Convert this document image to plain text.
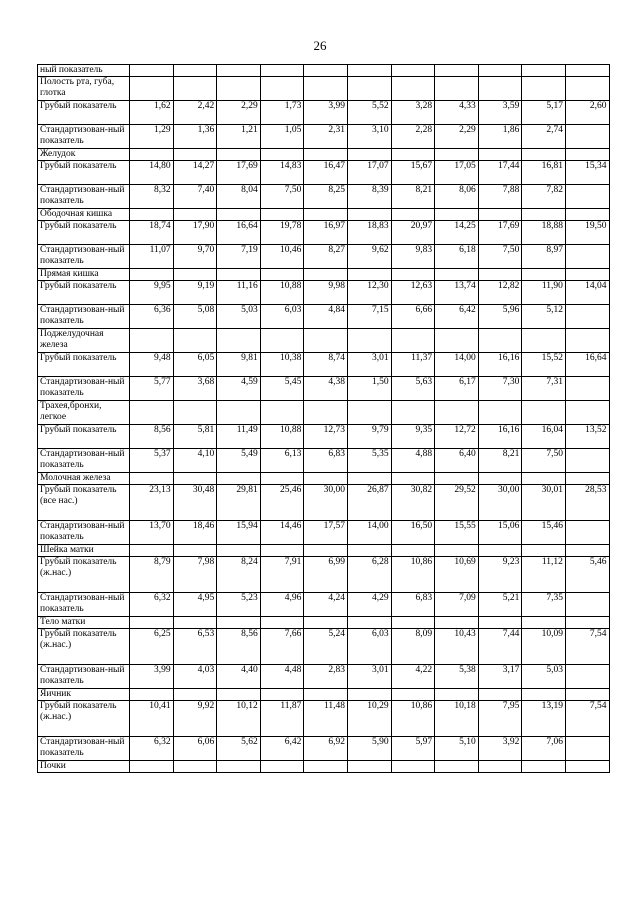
26
ный показатель											
Полость рта, губа, глотка											
Грубый показатель	1,62	2,42	2,29	1,73	3,99	5,52	3,28	4,33	3,59	5,17	2,60
Стандартизован-ный показатель	1,29	1,36	1,21	1,05	2,31	3,10	2,28	2,29	1,86	2,74	
Желудок											
Грубый показатель	14,80	14,27	17,69	14,83	16,47	17,07	15,67	17,05	17,44	16,81	15,34
Стандартизован-ный показатель	8,32	7,40	8,04	7,50	8,25	8,39	8,21	8,06	7,88	7,82	
Ободочная кишка											
Грубый показатель	18,74	17,90	16,64	19,78	16,97	18,83	20,97	14,25	17,69	18,88	19,50
Стандартизован-ный показатель	11,07	9,70	7,19	10,46	8,27	9,62	9,83	6,18	7,50	8,97	
Прямая кишка											
Грубый показатель	9,95	9,19	11,16	10,88	9,98	12,30	12,63	13,74	12,82	11,90	14,04
Стандартизован-ный показатель	6,36	5,08	5,03	6,03	4,84	7,15	6,66	6,42	5,96	5,12	
Поджелудочная железа											
Грубый показатель	9,48	6,05	9,81	10,38	8,74	3,01	11,37	14,00	16,16	15,52	16,64
Стандартизован-ный показатель	5,77	3,68	4,59	5,45	4,38	1,50	5,63	6,17	7,30	7,31	
Трахея,бронхи, легкое											
Грубый показатель	8,56	5,81	11,49	10,88	12,73	9,79	9,35	12,72	16,16	16,04	13,52
Стандартизован-ный показатель	5,37	4,10	5,49	6,13	6,83	5,35	4,88	6,40	8,21	7,50	
Молочная железа											
Грубый показатель (все нас.)	23,13	30,48	29,81	25,46	30,00	26,87	30,82	29,52	30,00	30,01	28,53
Стандартизован-ный показатель	13,70	18,46	15,94	14,46	17,57	14,00	16,50	15,55	15,06	15,46	
Шейка матки											
Грубый показатель (ж.нас.)	8,79	7,98	8,24	7,91	6,99	6,28	10,86	10,69	9,23	11,12	5,46
Стандартизован-ный показатель	6,32	4,95	5,23	4,96	4,24	4,29	6,83	7,09	5,21	7,35	
Тело матки											
Грубый показатель (ж.нас.)	6,25	6,53	8,56	7,66	5,24	6,03	8,09	10,43	7,44	10,09	7,54
Стандартизован-ный показатель	3,99	4,03	4,40	4,48	2,83	3,01	4,22	5,38	3,17	5,03	
Яичник											
Грубый показатель (ж.нас.)	10,41	9,92	10,12	11,87	11,48	10,29	10,86	10,18	7,95	13,19	7,54
Стандартизован-ный показатель	6,32	6,06	5,62	6,42	6,92	5,90	5,97	5,10	3,92	7,06	
Почки											
